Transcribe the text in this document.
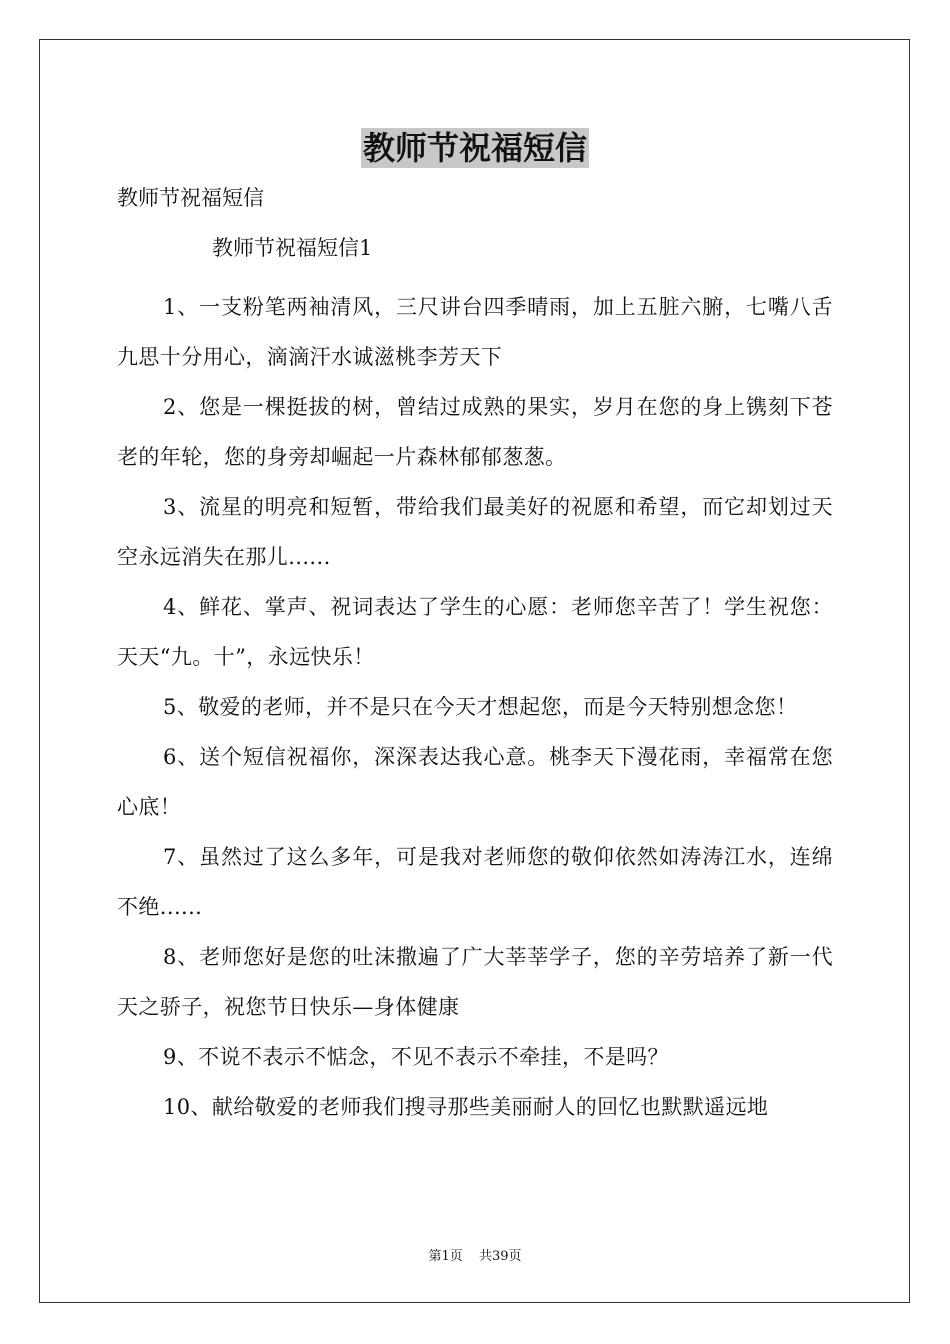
教师节祝福短信
教师节祝福短信
教师节祝福短信1

1、一支粉笔两袖清风，三尺讲台四季晴雨，加上五脏六腑，七嘴八舌九思十分用心，滴滴汗水诚滋桃李芳天下

2、您是一棵挺拔的树，曾结过成熟的果实，岁月在您的身上镌刻下苍老的年轮，您的身旁却崛起一片森林郁郁葱葱。

3、流星的明亮和短暂，带给我们最美好的祝愿和希望，而它却划过天空永远消失在那儿......

4、鲜花、掌声、祝词表达了学生的心愿：老师您辛苦了！学生祝您：天天“九。十”，永远快乐！

5、敬爱的老师，并不是只在今天才想起您，而是今天特别想念您！

6、送个短信祝福你，深深表达我心意。桃李天下漫花雨，幸福常在您心底！

7、虽然过了这么多年，可是我对老师您的敬仰依然如涛涛江水，连绵不绝......

8、老师您好是您的吐沫撒遍了广大莘莘学子，您的辛劳培养了新一代天之骄子，祝您节日快乐—身体健康

9、不说不表示不惦念，不见不表示不牵挂，不是吗？

10、献给敬爱的老师我们搜寻那些美丽耐人的回忆也默默遥远地

第1页 共39页
